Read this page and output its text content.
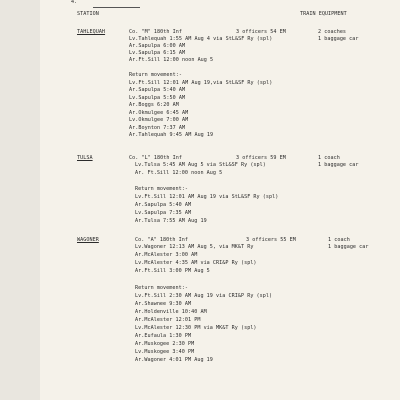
4.
STATION	TRAIN EQUIPMENT
TAHLEQUAH	Co. "M" 180th Inf	3 officers 54 EM	2 coaches
1 baggage car
Lv.Tahlequah 1:55 AM Aug 4 via StL&SF Ry (spl)
Ar.Sapulpa 6:00 AM
Lv.Sapulpa 6:15 AM
Ar.Ft.Sill 12:00 noon Aug 5
Return movement:-
Lv.Ft.Sill 12:01 AM Aug 19,via StL&SF Ry (spl)
Ar.Sapulpa 5:40 AM
Lv.Sapulpa 5:50 AM
Ar.Boggs 6:20 AM
Ar.Okmulgee 6:45 AM
Lv.Okmulgee 7:00 AM
Ar.Boynton 7:37 AM
Ar.Tahlequah 9:45 AM Aug 19
TULSA	Co. "L" 180th Inf	3 officers 59 EM	1 coach
1 baggage car
Lv.Tulsa 5:45 AM Aug 5 via StL&SF Ry (spl)
Ar. Ft.Sill 12:00 noon Aug 5
Return movement:-
Lv.Ft.Sill 12:01 AM Aug 19 via StL&SF Ry (spl)
Ar.Sapulpa 5:40 AM
Lv.Sapulpa 7:35 AM
Ar.Tulsa 7:55 AM Aug 19
WAGONER	Co. "A" 180th Inf	3 officers 55 EM	1 coach
1 baggage car
Lv.Wagoner 12:13 AM Aug 5, via MK&T Ry
Ar.McAlester 3:00 AM
Lv.McAlester 4:35 AM via CRI&P Ry (spl)
Ar.Ft.Sill 3:00 PM Aug 5
Return movement:-
Lv.Ft.Sill 2:30 AM Aug 19 via CRI&P Ry (spl)
Ar.Shawnee 9:30 AM
Ar.Holdenville 10:40 AM
Ar.McAlester 12:01 PM
Lv.McAlester 12:30 PM via MK&T Ry (spl)
Ar.Eufaula 1:30 PM
Ar.Muskogee 2:30 PM
Lv.Muskogee 3:40 PM
Ar.Wagoner 4:01 PM Aug 19
